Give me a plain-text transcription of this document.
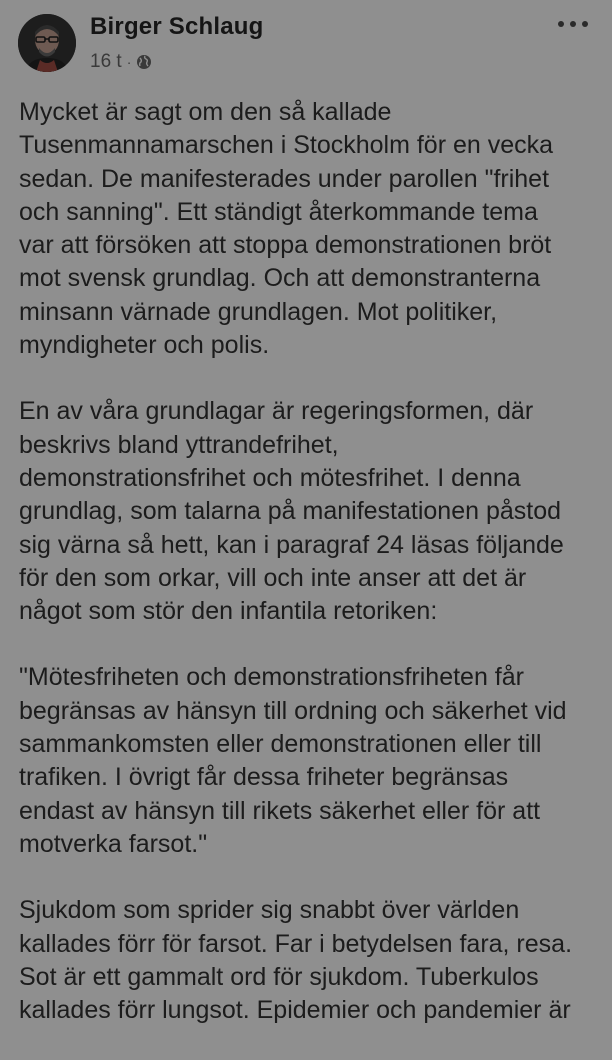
Birger Schlaug
16 t ·

Mycket är sagt om den så kallade
Tusenmannamarschen i Stockholm för en vecka
sedan. De manifesterades under parollen "frihet
och sanning". Ett ständigt återkommande tema
var att försöken att stoppa demonstrationen bröt
mot svensk grundlag. Och att demonstranterna
minsann värnade grundlagen. Mot politiker,
myndigheter och polis.

En av våra grundlagar är regeringsformen, där
beskrivs bland yttrandefrihet,
demonstrationsfrihet och mötesfrihet. I denna
grundlag, som talarna på manifestationen påstod
sig värna så hett, kan i paragraf 24 läsas följande
för den som orkar, vill och inte anser att det är
något som stör den infantila retoriken:

"Mötesfriheten och demonstrationsfriheten får
begränsas av hänsyn till ordning och säkerhet vid
sammankomsten eller demonstrationen eller till
trafiken. I övrigt får dessa friheter begränsas
endast av hänsyn till rikets säkerhet eller för att
motverka farsot."

Sjukdom som sprider sig snabbt över världen
kallades förr för farsot. Far i betydelsen fara, resa.
Sot är ett gammalt ord för sjukdom. Tuberkulos
kallades förr lungsot. Epidemier och pandemier är
